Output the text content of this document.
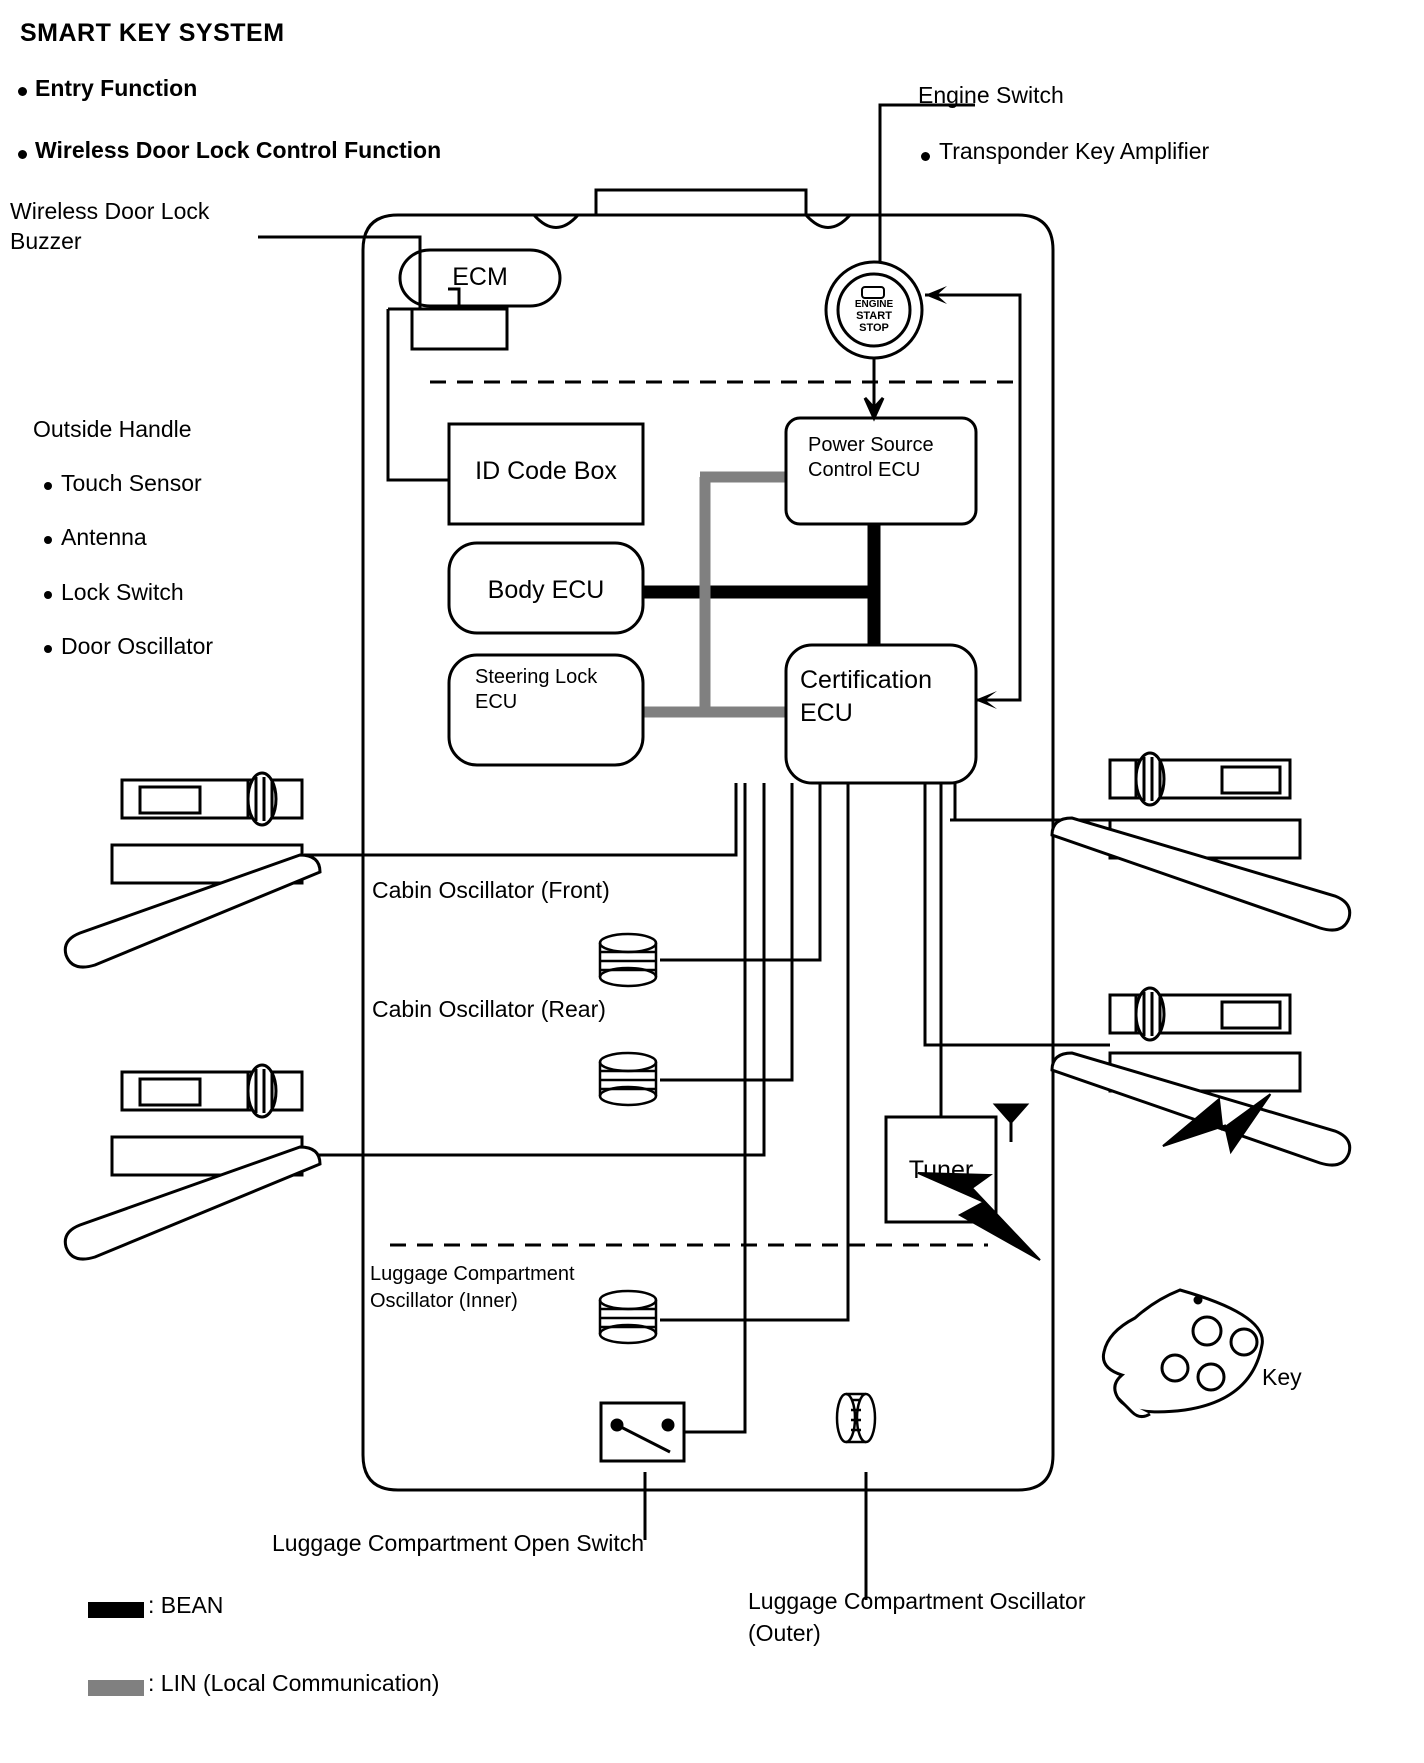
ENGINE
START
STOP
SMART KEY SYSTEM
Entry Function
Wireless Door Lock Control Function
Engine Switch
Transponder Key Amplifier
Wireless Door Lock
Buzzer
Outside Handle
Touch Sensor
Antenna
Lock Switch
Door Oscillator
ECM
ID Code Box
Body ECU
Steering Lock
ECU
Power Source
Control ECU
Certification
ECU
Tuner
Cabin Oscillator (Front)
Cabin Oscillator (Rear)
Luggage Compartment
Oscillator (Inner)
Luggage Compartment Open Switch
Luggage Compartment Oscillator
(Outer)
Key
: BEAN
: LIN (Local Communication)
